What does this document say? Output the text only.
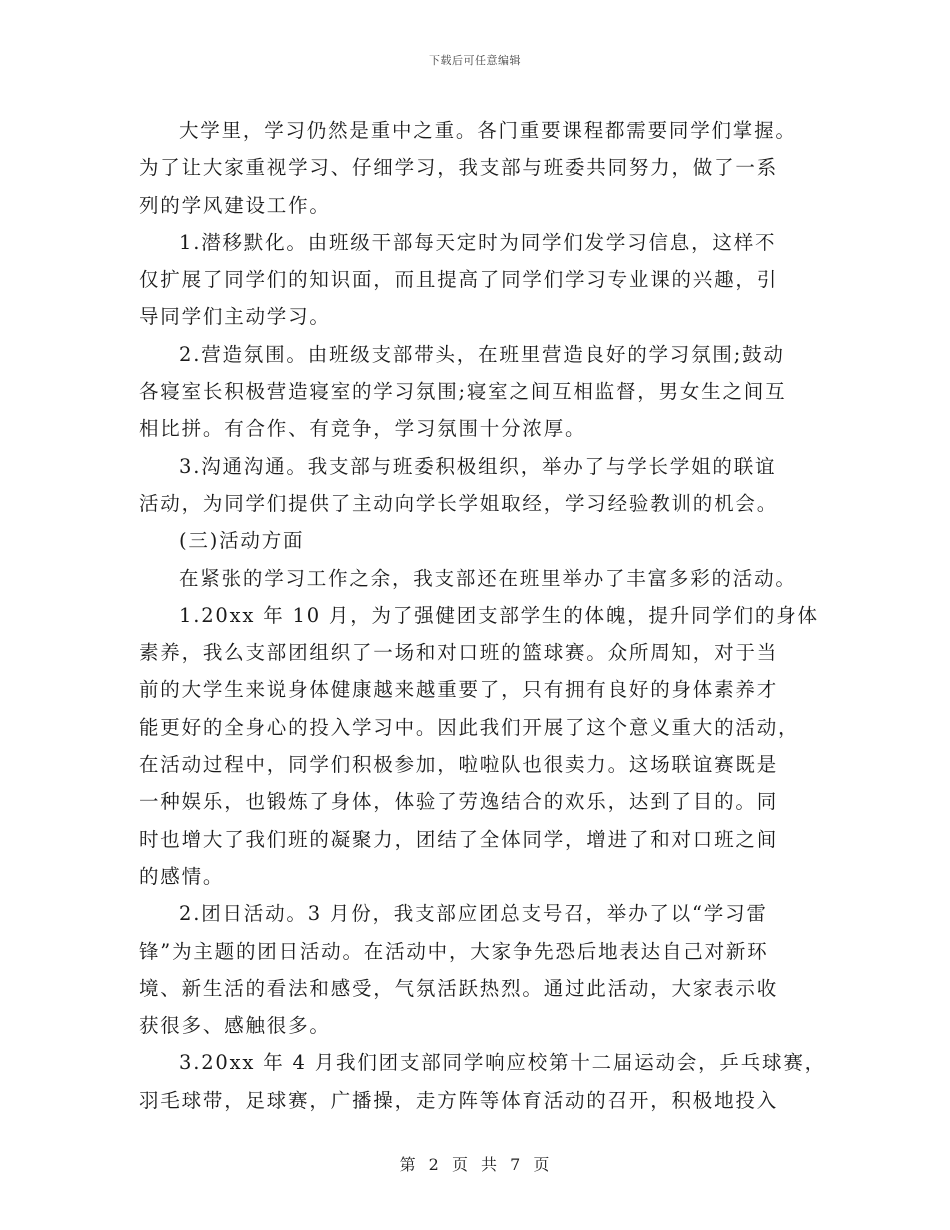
下载后可任意编辑
大学里，学习仍然是重中之重。各门重要课程都需要同学们掌握。
为了让大家重视学习、仔细学习，我支部与班委共同努力，做了一系
列的学风建设工作。
1.潜移默化。由班级干部每天定时为同学们发学习信息，这样不
仅扩展了同学们的知识面，而且提高了同学们学习专业课的兴趣，引
导同学们主动学习。
2.营造氛围。由班级支部带头，在班里营造良好的学习氛围;鼓动
各寝室长积极营造寝室的学习氛围;寝室之间互相监督，男女生之间互
相比拼。有合作、有竞争，学习氛围十分浓厚。
3.沟通沟通。我支部与班委积极组织，举办了与学长学姐的联谊
活动，为同学们提供了主动向学长学姐取经，学习经验教训的机会。
(三)活动方面
在紧张的学习工作之余，我支部还在班里举办了丰富多彩的活动。
1.20xx 年 10 月，为了强健团支部学生的体魄，提升同学们的身体
素养，我么支部团组织了一场和对口班的篮球赛。众所周知，对于当
前的大学生来说身体健康越来越重要了，只有拥有良好的身体素养才
能更好的全身心的投入学习中。因此我们开展了这个意义重大的活动，
在活动过程中，同学们积极参加，啦啦队也很卖力。这场联谊赛既是
一种娱乐，也锻炼了身体，体验了劳逸结合的欢乐，达到了目的。同
时也增大了我们班的凝聚力，团结了全体同学，增进了和对口班之间
的感情。
2.团日活动。3 月份，我支部应团总支号召，举办了以“学习雷
锋”为主题的团日活动。在活动中，大家争先恐后地表达自己对新环
境、新生活的看法和感受，气氛活跃热烈。通过此活动，大家表示收
获很多、感触很多。
3.20xx 年 4 月我们团支部同学响应校第十二届运动会，乒乓球赛，
羽毛球带，足球赛，广播操，走方阵等体育活动的召开，积极地投入
第 2 页 共 7 页
